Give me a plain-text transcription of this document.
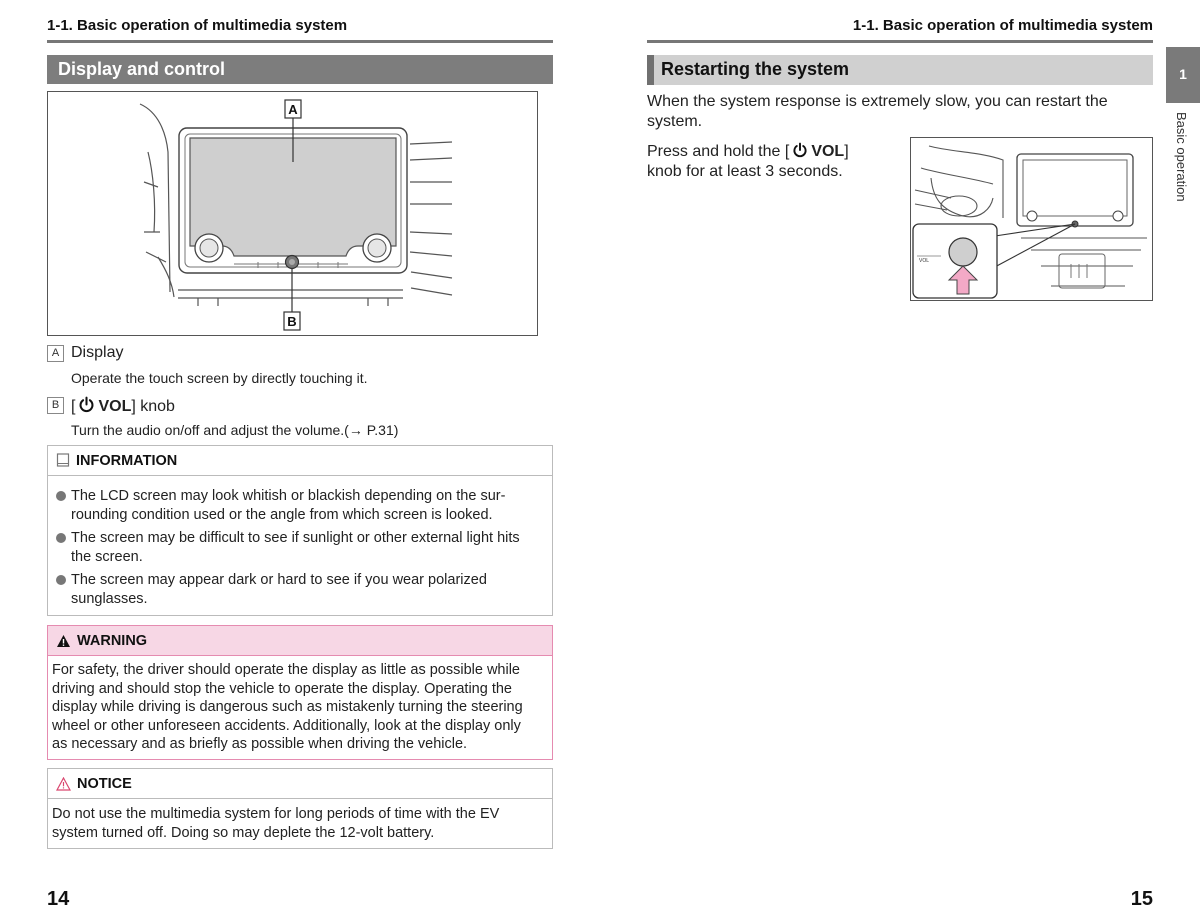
1-1. Basic operation of multimedia system
Display and control
A
B
A Display
Operate the touch screen by directly touching it.
B [ VOL] knob
Turn the audio on/off and adjust the volume.(→ P.31)
INFORMATION
The LCD screen may look whitish or blackish depending on the sur-
rounding condition used or the angle from which screen is looked.
The screen may be difficult to see if sunlight or other external light hits
the screen.
The screen may appear dark or hard to see if you wear polarized
sunglasses.
WARNING
For safety, the driver should operate the display as little as possible while
driving and should stop the vehicle to operate the display. Operating the
display while driving is dangerous such as mistakenly turning the steering
wheel or other unforeseen accidents. Additionally, look at the display only
as necessary and as briefly as possible when driving the vehicle.
NOTICE
Do not use the multimedia system for long periods of time with the EV
system turned off. Doing so may deplete the 12-volt battery.
14
1-1. Basic operation of multimedia system
Restarting the system
When the system response is extremely slow, you can restart the
system.
Press and hold the [ VOL]
knob for at least 3 seconds.
VOL
1
Basic operation
15
